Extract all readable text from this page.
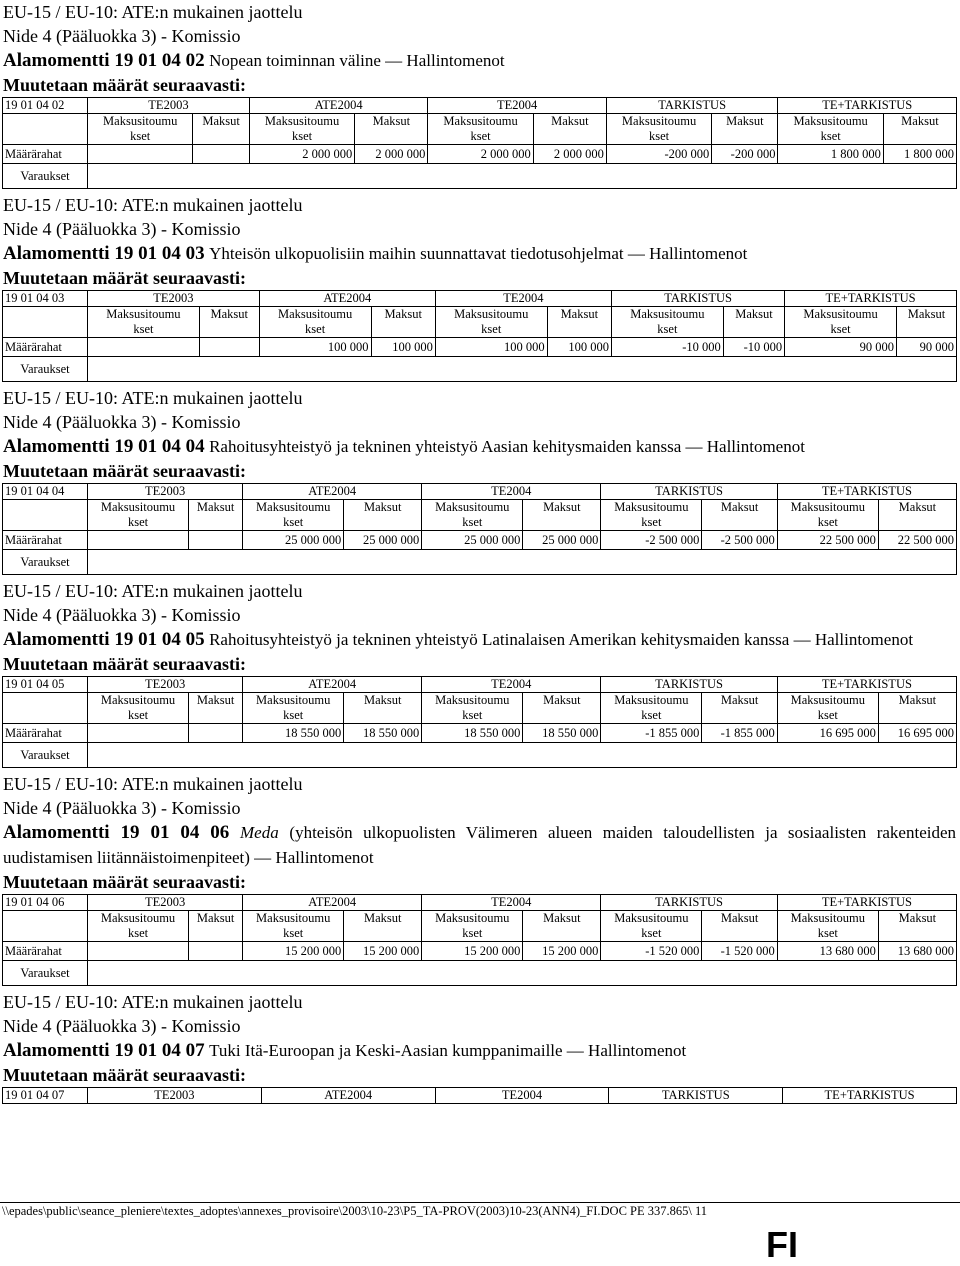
EU-15 / EU-10: ATE:n mukainen jaottelu
Nide 4 (Pääluokka 3) - Komissio
Alamomentti 19 01 04 02 Nopean toiminnan väline — Hallintomenot
Muutetaan määrät seuraavasti:
19 01 04 02	TE2003		ATE2004		TE2004		TARKISTUS		TE+TARKISTUS	
	Maksusitoumu
kset	Maksut	Maksusitoumu
kset	Maksut	Maksusitoumu
kset	Maksut	Maksusitoumu
kset	Maksut	Maksusitoumu
kset	Maksut
Määrärahat			2 000 000	2 000 000	2 000 000	2 000 000	-200 000	-200 000	1 800 000	1 800 000
Varaukset										
EU-15 / EU-10: ATE:n mukainen jaottelu
Nide 4 (Pääluokka 3) - Komissio
Alamomentti 19 01 04 03 Yhteisön ulkopuolisiin maihin suunnattavat tiedotusohjelmat — Hallintomenot
Muutetaan määrät seuraavasti:
19 01 04 03	TE2003		ATE2004		TE2004		TARKISTUS		TE+TARKISTUS	
	Maksusitoumu
kset	Maksut	Maksusitoumu
kset	Maksut	Maksusitoumu
kset	Maksut	Maksusitoumu
kset	Maksut	Maksusitoumu
kset	Maksut
Määrärahat			100 000	100 000	100 000	100 000	-10 000	-10 000	90 000	90 000
Varaukset										
EU-15 / EU-10: ATE:n mukainen jaottelu
Nide 4 (Pääluokka 3) - Komissio
Alamomentti 19 01 04 04 Rahoitusyhteistyö ja tekninen yhteistyö Aasian kehitysmaiden kanssa — Hallintomenot
Muutetaan määrät seuraavasti:
19 01 04 04	TE2003		ATE2004		TE2004		TARKISTUS		TE+TARKISTUS	
	Maksusitoumu
kset	Maksut	Maksusitoumu
kset	Maksut	Maksusitoumu
kset	Maksut	Maksusitoumu
kset	Maksut	Maksusitoumu
kset	Maksut
Määrärahat			25 000 000	25 000 000	25 000 000	25 000 000	-2 500 000	-2 500 000	22 500 000	22 500 000
Varaukset										
EU-15 / EU-10: ATE:n mukainen jaottelu
Nide 4 (Pääluokka 3) - Komissio
Alamomentti 19 01 04 05 Rahoitusyhteistyö ja tekninen yhteistyö Latinalaisen Amerikan kehitysmaiden kanssa — Hallintomenot
Muutetaan määrät seuraavasti:
19 01 04 05	TE2003		ATE2004		TE2004		TARKISTUS		TE+TARKISTUS	
	Maksusitoumu
kset	Maksut	Maksusitoumu
kset	Maksut	Maksusitoumu
kset	Maksut	Maksusitoumu
kset	Maksut	Maksusitoumu
kset	Maksut
Määrärahat			18 550 000	18 550 000	18 550 000	18 550 000	-1 855 000	-1 855 000	16 695 000	16 695 000
Varaukset										
EU-15 / EU-10: ATE:n mukainen jaottelu
Nide 4 (Pääluokka 3) - Komissio
Alamomentti 19 01 04 06 Meda (yhteisön ulkopuolisten Välimeren alueen maiden taloudellisten ja sosiaalisten rakenteiden uudistamisen liitännäistoimenpiteet) — Hallintomenot
Muutetaan määrät seuraavasti:
19 01 04 06	TE2003		ATE2004		TE2004		TARKISTUS		TE+TARKISTUS	
	Maksusitoumu
kset	Maksut	Maksusitoumu
kset	Maksut	Maksusitoumu
kset	Maksut	Maksusitoumu
kset	Maksut	Maksusitoumu
kset	Maksut
Määrärahat			15 200 000	15 200 000	15 200 000	15 200 000	-1 520 000	-1 520 000	13 680 000	13 680 000
Varaukset										
EU-15 / EU-10: ATE:n mukainen jaottelu
Nide 4 (Pääluokka 3) - Komissio
Alamomentti 19 01 04 07 Tuki Itä-Euroopan ja Keski-Aasian kumppanimaille — Hallintomenot
Muutetaan määrät seuraavasti:
19 01 04 07	TE2003	ATE2004	TE2004	TARKISTUS	TE+TARKISTUS
\\epades\public\seance_pleniere\textes_adoptes\annexes_provisoire\2003\10-23\P5_TA-PROV(2003)10-23(ANN4)_FI.DOC PE 337.865\ 11
FI
